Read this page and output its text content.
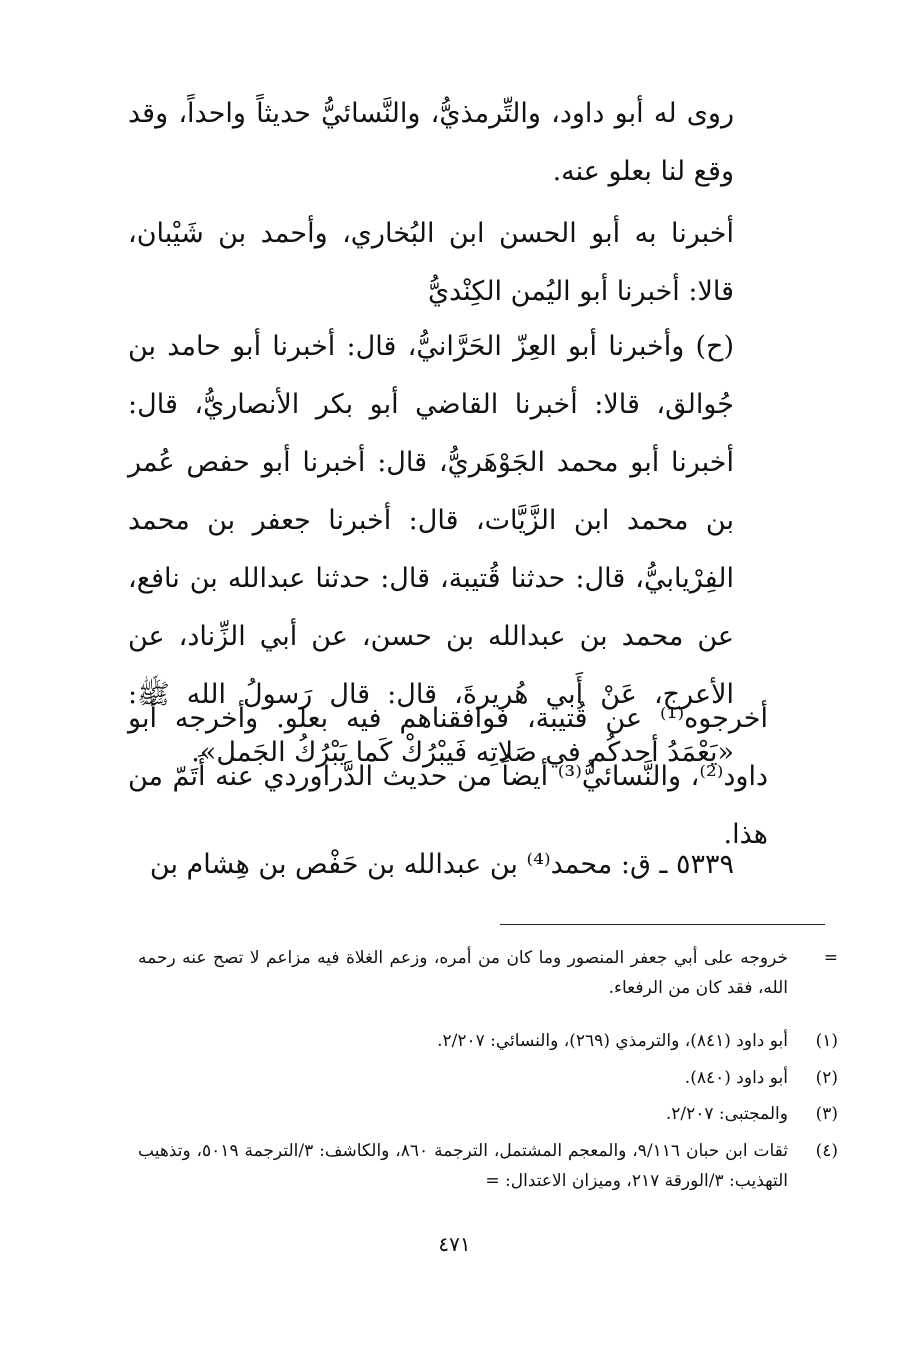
روى له أبو داود، والتِّرمذيُّ، والنَّسائيُّ حديثاً واحداً، وقد وقع لنا بعلو عنه.

أخبرنا به أبو الحسن ابن البُخاري، وأحمد بن شَيْبان، قالا: أخبرنا أبو اليُمن الكِنْديُّ

(ح) وأخبرنا أبو العِزّ الحَرَّانيُّ، قال: أخبرنا أبو حامد بن جُوالق، قالا: أخبرنا القاضي أبو بكر الأنصاريُّ، قال: أخبرنا أبو محمد الجَوْهَريُّ، قال: أخبرنا أبو حفص عُمر بن محمد ابن الزَّيَّات، قال: أخبرنا جعفر بن محمد الفِرْيابيُّ، قال: حدثنا قُتيبة، قال: حدثنا عبدالله بن نافع، عن محمد بن عبدالله بن حسن، عن أبي الزِّناد، عن الأعرج، عَنْ أَبي هُريرةَ، قال: قال رَسولُ الله ﷺ: «يَعْمَدُ أحدكُم في صَلاتِه فَيبْرُكْ كَما يَبْرُكُ الجَمل».

أخرجوه⁽¹⁾ عن قُتيبة، فوافقناهم فيه بعلو. وأخرجه أبو داود⁽²⁾، والنَّسائيُّ⁽³⁾ أيضاً من حديث الدَّراوردي عنه أَتَمّ من هذا.

٥٣٣٩ ـ ق: محمد⁽⁴⁾ بن عبدالله بن حَفْص بن هِشام بن

=
خروجه على أبي جعفر المنصور وما كان من أمره، وزعم الغلاة فيه مزاعم لا تصح عنه رحمه الله، فقد كان من الرفعاء.
(١)
أبو داود (٨٤١)، والترمذي (٢٦٩)، والنسائي: ٢/٢٠٧.
(٢)
أبو داود (٨٤٠).
(٣)
والمجتبى: ٢/٢٠٧.
(٤)
ثقات ابن حبان ٩/١١٦، والمعجم المشتمل، الترجمة ٨٦٠، والكاشف: ٣/الترجمة ٥٠١٩، وتذهيب التهذيب: ٣/الورقة ٢١٧، وميزان الاعتدال: =
٤٧١
